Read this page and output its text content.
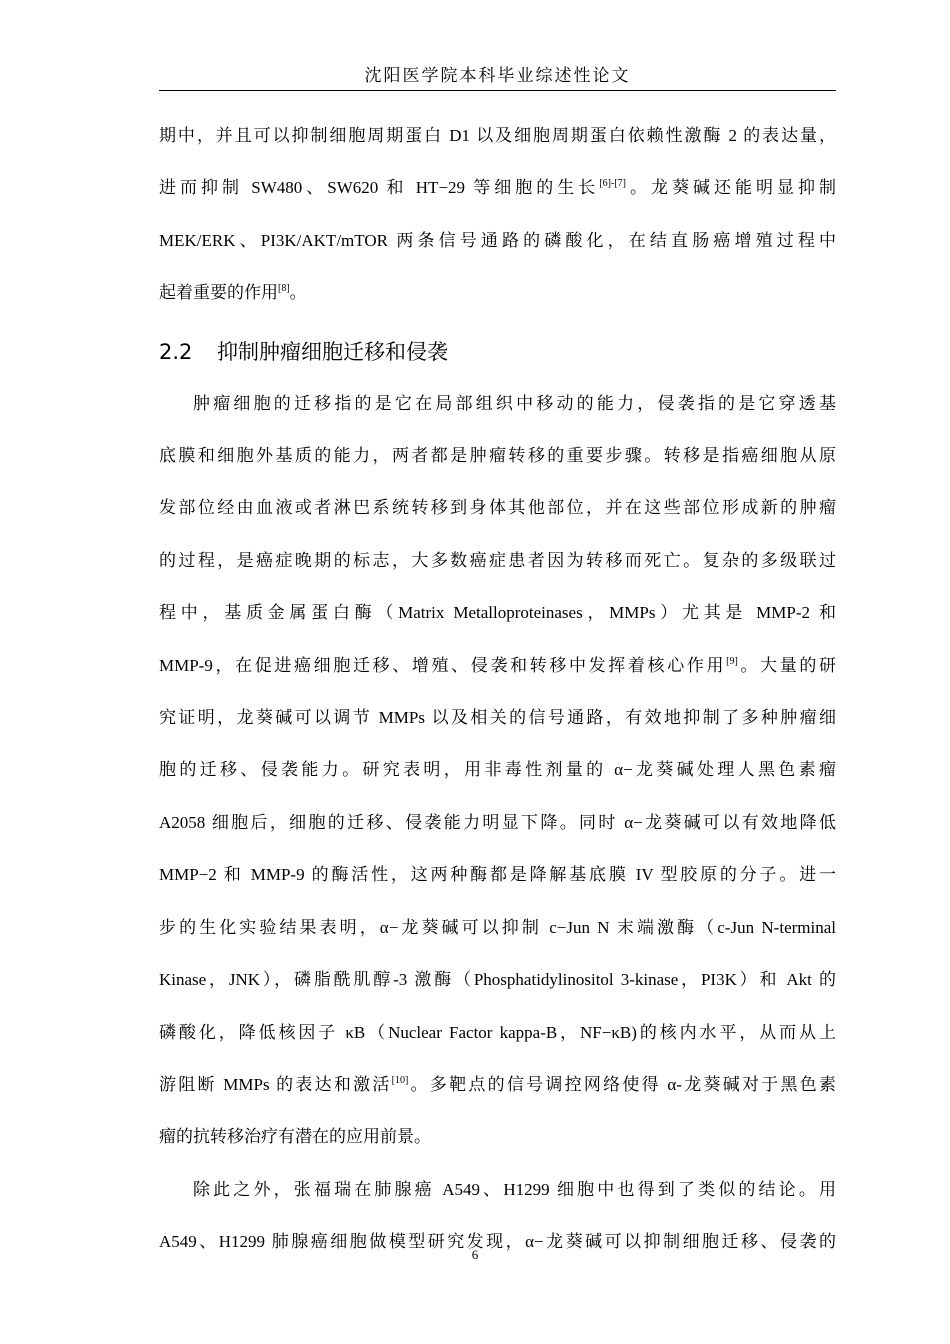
沈阳医学院本科毕业综述性论文

期中，并且可以抑制细胞周期蛋白 D1 以及细胞周期蛋白依赖性激酶 2 的表达量，

进而抑制 SW480、SW620 和 HT−29 等细胞的生长[6]-[7]。龙葵碱还能明显抑制

MEK/ERK、PI3K/AKT/mTOR 两条信号通路的磷酸化，在结直肠癌增殖过程中

起着重要的作用[8]。

2.2 抑制肿瘤细胞迁移和侵袭

肿瘤细胞的迁移指的是它在局部组织中移动的能力，侵袭指的是它穿透基

底膜和细胞外基质的能力，两者都是肿瘤转移的重要步骤。转移是指癌细胞从原

发部位经由血液或者淋巴系统转移到身体其他部位，并在这些部位形成新的肿瘤

的过程，是癌症晚期的标志，大多数癌症患者因为转移而死亡。复杂的多级联过

程中，基质金属蛋白酶（Matrix Metalloproteinases，MMPs）尤其是 MMP-2 和

MMP-9，在促进癌细胞迁移、增殖、侵袭和转移中发挥着核心作用[9]。大量的研

究证明，龙葵碱可以调节 MMPs 以及相关的信号通路，有效地抑制了多种肿瘤细

胞的迁移、侵袭能力。研究表明，用非毒性剂量的 α−龙葵碱处理人黑色素瘤

A2058 细胞后，细胞的迁移、侵袭能力明显下降。同时 α−龙葵碱可以有效地降低

MMP−2 和 MMP-9 的酶活性，这两种酶都是降解基底膜 IV 型胶原的分子。进一

步的生化实验结果表明，α−龙葵碱可以抑制 c−Jun N 末端激酶（c-Jun N-terminal

Kinase，JNK），磷脂酰肌醇-3 激酶（Phosphatidylinositol 3-kinase，PI3K）和 Akt 的

磷酸化，降低核因子 κB（Nuclear Factor kappa-B，NF−κB)的核内水平，从而从上

游阻断 MMPs 的表达和激活[10]。多靶点的信号调控网络使得 α-龙葵碱对于黑色素

瘤的抗转移治疗有潜在的应用前景。

除此之外，张福瑞在肺腺癌 A549、H1299 细胞中也得到了类似的结论。用

A549、H1299 肺腺癌细胞做模型研究发现，α−龙葵碱可以抑制细胞迁移、侵袭的

6
